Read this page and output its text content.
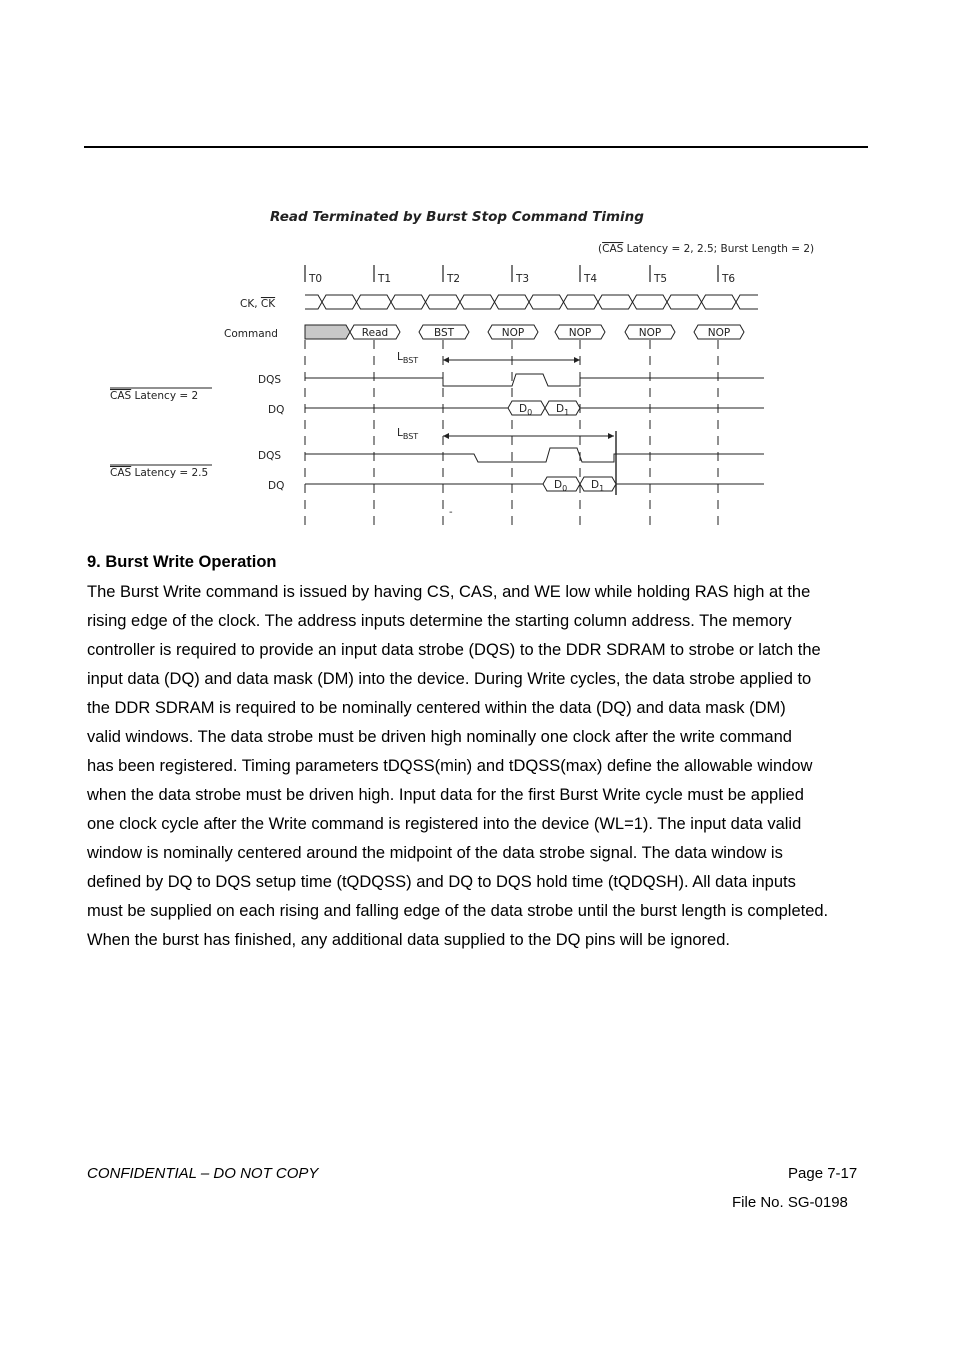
Read Terminated by Burst Stop Command Timing
(CAS Latency = 2, 2.5; Burst Length = 2)
T0	T1	T2	T3	T4	T5	T6
CK, CK
Command	Read	BST	NOP	NOP	NOP	NOP
$L_{BST}$
CAS Latency = 2
DQS
DQ	$D_0$ $D_1$
$L_{BST}$
CAS Latency = 2.5
DQS
DQ	$D_0$ $D_1$
-
9. Burst Write Operation
The Burst Write command is issued by having CS, CAS, and WE low while holding RAS high at the
rising edge of the clock. The address inputs determine the starting column address. The memory
controller is required to provide an input data strobe (DQS) to the DDR SDRAM to strobe or latch the
input data (DQ) and data mask (DM) into the device. During Write cycles, the data strobe applied to
the DDR SDRAM is required to be nominally centered within the data (DQ) and data mask (DM)
valid windows. The data strobe must be driven high nominally one clock after the write command
has been registered. Timing parameters tDQSS(min) and tDQSS(max) define the allowable window
when the data strobe must be driven high. Input data for the first Burst Write cycle must be applied
one clock cycle after the Write command is registered into the device (WL=1). The input data valid
window is nominally centered around the midpoint of the data strobe signal. The data window is
defined by DQ to DQS setup time (tQDQSS) and DQ to DQS hold time (tQDQSH). All data inputs
must be supplied on each rising and falling edge of the data strobe until the burst length is completed.
When the burst has finished, any additional data supplied to the DQ pins will be ignored.
CONFIDENTIAL – DO NOT COPY	Page 7-17
File No. SG-0198
